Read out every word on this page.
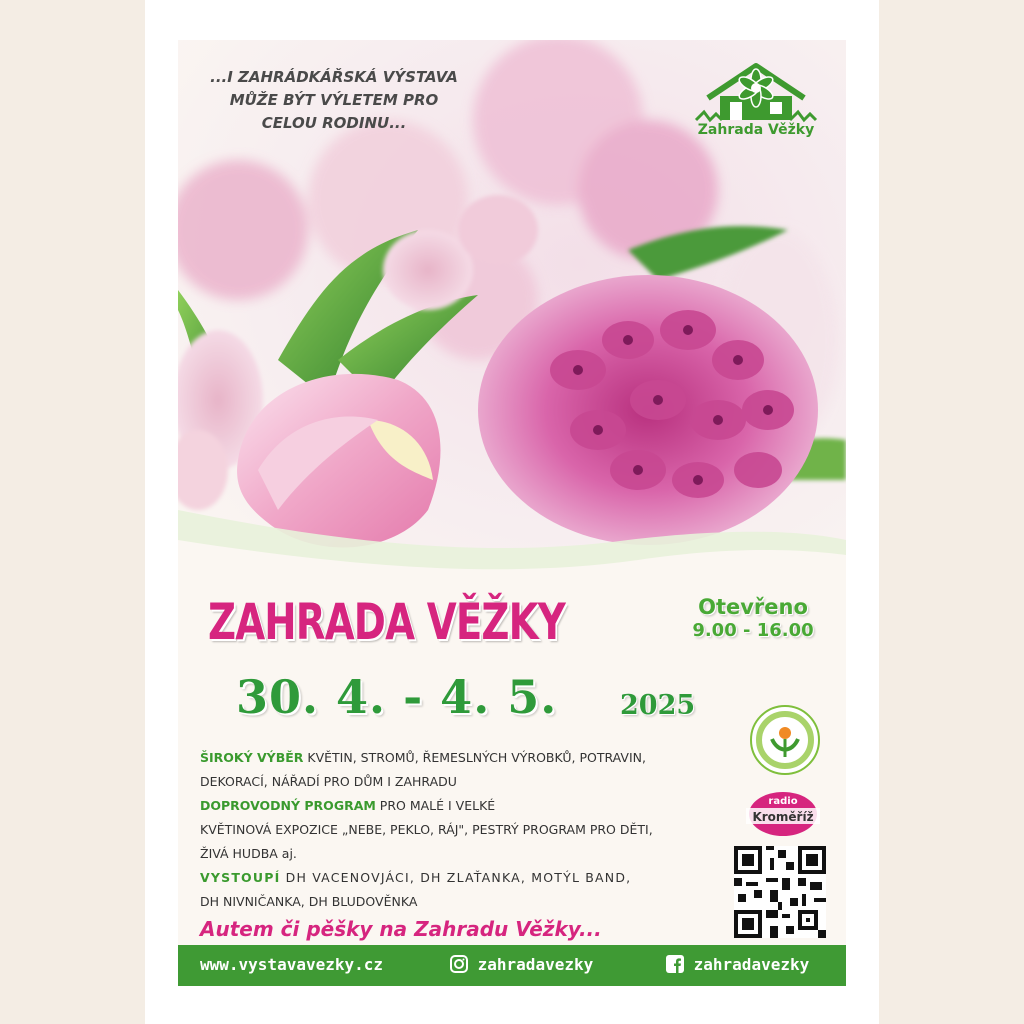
...I ZAHRÁDKÁŘSKÁ VÝSTAVA
MŮŽE BÝT VÝLETEM PRO
CELOU RODINU...	Zahrada Věžky
ZAHRADA VĚŽKY	Otevřeno
9.00 - 16.00
30. 4. - 4. 5. 2025
ŠIROKÝ VÝBĚR KVĚTIN, STROMŮ, ŘEMESLNÝCH VÝROBKŮ, POTRAVIN,
DEKORACÍ, NÁŘADÍ PRO DŮM I ZAHRADU
DOPROVODNÝ PROGRAM PRO MALÉ I VELKÉ
KVĚTINOVÁ EXPOZICE „NEBE, PEKLO, RÁJ", PESTRÝ PROGRAM PRO DĚTI,
ŽIVÁ HUDBA aj.
VYSTOUPÍ DH VACENOVJÁCI, DH ZLAŤANKA, MOTÝL BAND,
DH NIVNIČANKA, DH BLUDOVĚNKA
Autem či pěšky na Zahradu Věžky...
radio
Kroměříž
www.vystavavezky.cz	zahradavezky	zahradavezky
